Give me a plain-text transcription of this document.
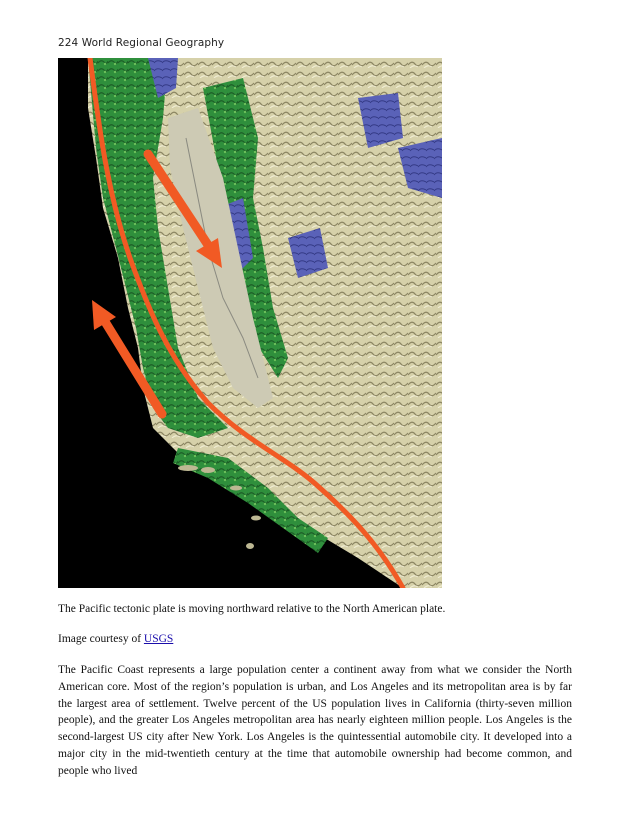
224 World Regional Geography
The Pacific tectonic plate is moving northward relative to the North American plate.
Image courtesy of USGS
The Pacific Coast represents a large population center a continent away from what we consider the North American core. Most of the region’s population is urban, and Los Angeles and its metropolitan area is by far the largest area of settlement. Twelve percent of the US population lives in California (thirty-seven million people), and the greater Los Angeles metropolitan area has nearly eighteen million people. Los Angeles is the second-largest US city after New York. Los Angeles is the quintessential automobile city. It developed into a major city in the mid-twentieth century at the time that automobile ownership had become common, and people who lived
